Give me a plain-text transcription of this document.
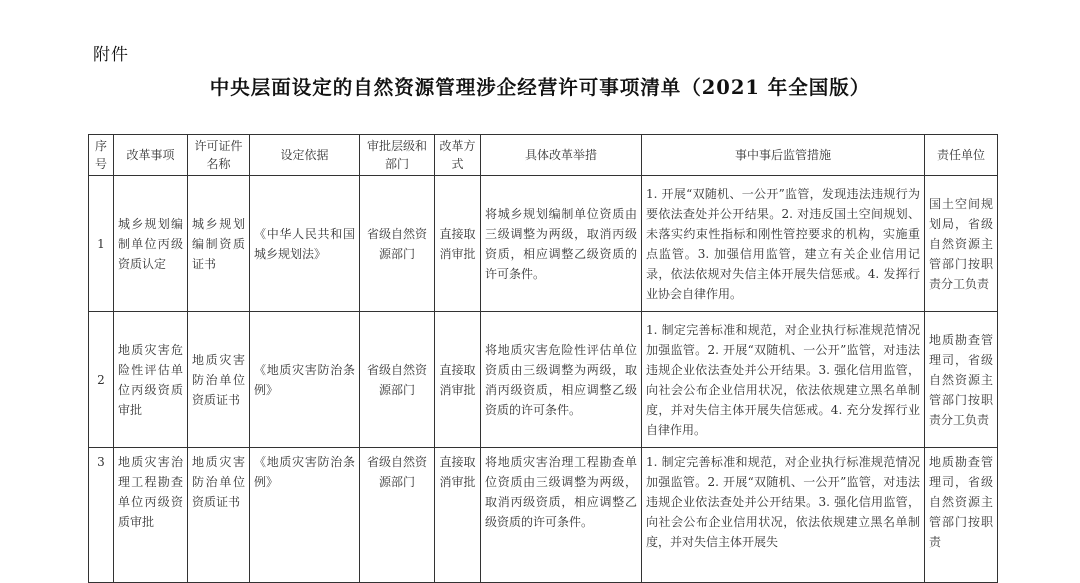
附件
中央层面设定的自然资源管理涉企经营许可事项清单（2021 年全国版）
序号	改革事项	许可证件名称	设定依据	审批层级和部门	改革方式	具体改革举措	事中事后监管措施	责任单位
1	城乡规划编制单位丙级资质认定	城乡规划编制资质证书	《中华人民共和国城乡规划法》	省级自然资源部门	直接取消审批	将城乡规划编制单位资质由三级调整为两级，取消丙级资质，相应调整乙级资质的许可条件。	1. 开展“双随机、一公开”监管，发现违法违规行为要依法查处并公开结果。2. 对违反国土空间规划、未落实约束性指标和刚性管控要求的机构，实施重点监管。3. 加强信用监管，建立有关企业信用记录，依法依规对失信主体开展失信惩戒。4. 发挥行业协会自律作用。	国土空间规划局，省级自然资源主管部门按职责分工负责
2	地质灾害危险性评估单位丙级资质审批	地质灾害防治单位资质证书	《地质灾害防治条例》	省级自然资源部门	直接取消审批	将地质灾害危险性评估单位资质由三级调整为两级，取消丙级资质，相应调整乙级资质的许可条件。	1. 制定完善标准和规范，对企业执行标准规范情况加强监管。2. 开展“双随机、一公开”监管，对违法违规企业依法查处并公开结果。3. 强化信用监管，向社会公布企业信用状况，依法依规建立黑名单制度，并对失信主体开展失信惩戒。4. 充分发挥行业自律作用。	地质勘查管理司，省级自然资源主管部门按职责分工负责
3	地质灾害治理工程勘查单位丙级资质审批	地质灾害防治单位资质证书	《地质灾害防治条例》	省级自然资源部门	直接取消审批	将地质灾害治理工程勘查单位资质由三级调整为两级，取消丙级资质，相应调整乙级资质的许可条件。	1. 制定完善标准和规范，对企业执行标准规范情况加强监管。2. 开展“双随机、一公开”监管，对违法违规企业依法查处并公开结果。3. 强化信用监管，向社会公布企业信用状况，依法依规建立黑名单制度，并对失信主体开展失	地质勘查管理司，省级自然资源主管部门按职责
